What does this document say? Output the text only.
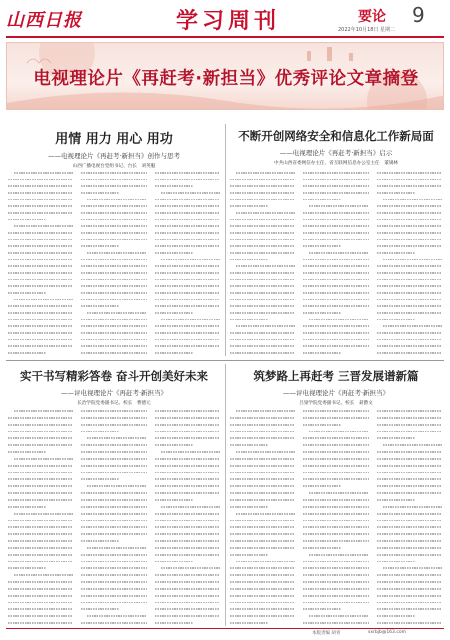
山西日报	学习周刊	要论 9
2022年10月18日 星期二
电视理论片《再赶考·新担当》优秀评论文章摘登
用情 用力 用心 用功
——电视理论片《再赶考·新担当》创作与思考
山西广播电视台党组书记、台长　刘英魁
不断开创网络安全和信息化工作新局面
——电视理论片《再赶考·新担当》启示
中共山西省委网信办主任、省互联网信息办公室主任　董锡林
实干书写精彩答卷 奋斗开创美好未来
——评电视理论片《再赶考·新担当》
长治学院党委副书记、校长　曹德元
筑梦路上再赶考 三晋发展谱新篇
——评电视理论片《再赶考·新担当》
吕梁学院党委副书记、校长　聂爵文
本版责编 胡青	sxrbjb@163.com
